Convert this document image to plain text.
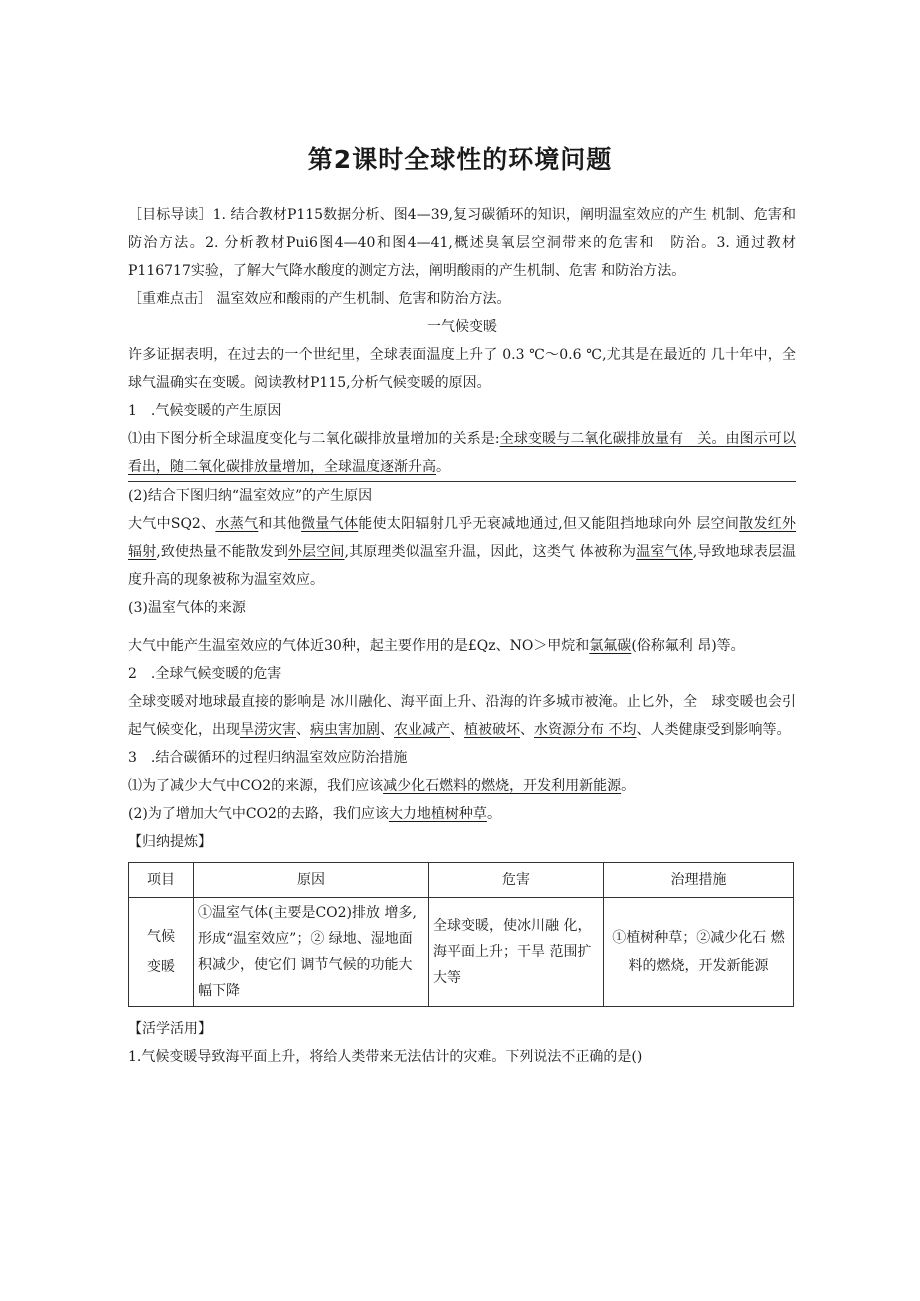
第2课时全球性的环境问题

［目标导读］1. 结合教材P115数据分析、图4—39,复习碳循环的知识，阐明温室效应的产生 机制、危害和防治方法。2. 分析教材Pui6图4—40和图4—41,概述臭氧层空洞带来的危害和　防治。3. 通过教材P116717实验，了解大气降水酸度的测定方法，阐明酸雨的产生机制、危害 和防治方法。

［重难点击］ 温室效应和酸雨的产生机制、危害和防治方法。

一气候变暖

许多证据表明，在过去的一个世纪里，全球表面温度上升了 0.3 ℃～0.6 ℃,尤其是在最近的 几十年中，全球气温确实在变暖。阅读教材P115,分析气候变暖的原因。

1　.气候变暖的产生原因

⑴由下图分析全球温度变化与二氧化碳排放量增加的关系是:全球变暖与二氧化碳排放量有　关。由图示可以看出，随二氧化碳排放量增加，全球温度逐渐升高。

(2)结合下图归纳“温室效应”的产生原因

大气中SQ2、水蒸气和其他微量气体能使太阳辐射几乎无衰减地通过,但又能阻挡地球向外 层空间散发红外辐射,致使热量不能散发到外层空间,其原理类似温室升温，因此，这类气 体被称为温室气体,导致地球表层温度升高的现象被称为温室效应。

(3)温室气体的来源

大气中能产生温室效应的气体近30种，起主要作用的是£Qz、NO＞甲烷和氯氟碳(俗称氟利 昂)等。

2　.全球气候变暖的危害

全球变暖对地球最直接的影响是 冰川融化、海平面上升、沿海的许多城市被淹。止匕外，全　球变暖也会引起气候变化，出现旱涝灾害、病虫害加剧、农业减产、植被破坏、水资源分布 不均、人类健康受到影响等。

3　.结合碳循环的过程归纳温室效应防治措施

⑴为了减少大气中CO2的来源，我们应该减少化石燃料的燃烧，开发利用新能源。

(2)为了增加大气中CO2的去路，我们应该大力地植树种草。

【归纳提炼】

项目	原因	危害	治理措施
气候
变暖	①温室气体(主要是CO2)排放 增多,形成“温室效应”；② 绿地、湿地面积减少，使它们 调节气候的功能大幅下降	全球变暖，使冰川融 化，海平面上升；干旱 范围扩大等	①植树种草；②减少化石 燃料的燃烧，开发新能源

【活学活用】

1.气候变暖导致海平面上升，将给人类带来无法估计的灾难。下列说法不正确的是()
